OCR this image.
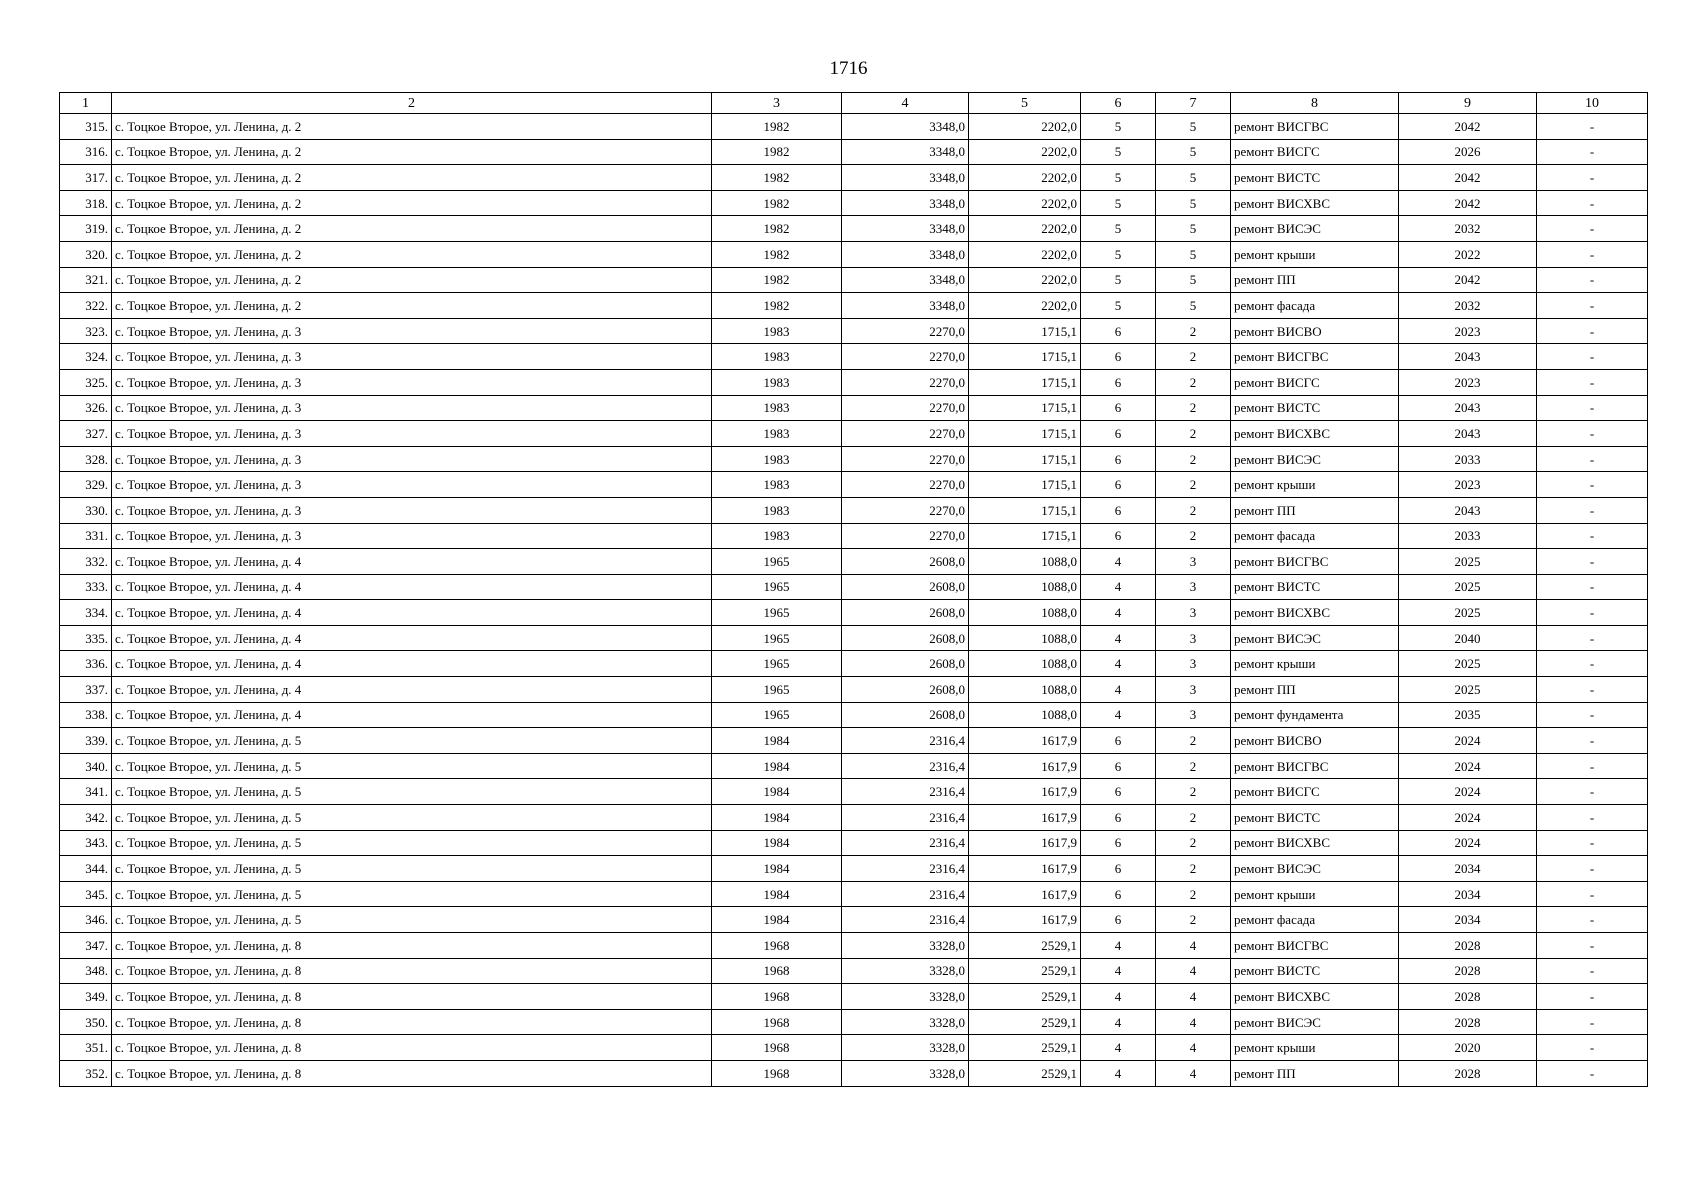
1716
1	2	3	4	5	6	7	8	9	10
315.	с. Тоцкое Второе, ул. Ленина, д. 2	1982	3348,0	2202,0	5	5	ремонт ВИСГВС	2042	-
316.	с. Тоцкое Второе, ул. Ленина, д. 2	1982	3348,0	2202,0	5	5	ремонт ВИСГС	2026	-
317.	с. Тоцкое Второе, ул. Ленина, д. 2	1982	3348,0	2202,0	5	5	ремонт ВИСТС	2042	-
318.	с. Тоцкое Второе, ул. Ленина, д. 2	1982	3348,0	2202,0	5	5	ремонт ВИСХВС	2042	-
319.	с. Тоцкое Второе, ул. Ленина, д. 2	1982	3348,0	2202,0	5	5	ремонт ВИСЭС	2032	-
320.	с. Тоцкое Второе, ул. Ленина, д. 2	1982	3348,0	2202,0	5	5	ремонт крыши	2022	-
321.	с. Тоцкое Второе, ул. Ленина, д. 2	1982	3348,0	2202,0	5	5	ремонт ПП	2042	-
322.	с. Тоцкое Второе, ул. Ленина, д. 2	1982	3348,0	2202,0	5	5	ремонт фасада	2032	-
323.	с. Тоцкое Второе, ул. Ленина, д. 3	1983	2270,0	1715,1	6	2	ремонт ВИСВО	2023	-
324.	с. Тоцкое Второе, ул. Ленина, д. 3	1983	2270,0	1715,1	6	2	ремонт ВИСГВС	2043	-
325.	с. Тоцкое Второе, ул. Ленина, д. 3	1983	2270,0	1715,1	6	2	ремонт ВИСГС	2023	-
326.	с. Тоцкое Второе, ул. Ленина, д. 3	1983	2270,0	1715,1	6	2	ремонт ВИСТС	2043	-
327.	с. Тоцкое Второе, ул. Ленина, д. 3	1983	2270,0	1715,1	6	2	ремонт ВИСХВС	2043	-
328.	с. Тоцкое Второе, ул. Ленина, д. 3	1983	2270,0	1715,1	6	2	ремонт ВИСЭС	2033	-
329.	с. Тоцкое Второе, ул. Ленина, д. 3	1983	2270,0	1715,1	6	2	ремонт крыши	2023	-
330.	с. Тоцкое Второе, ул. Ленина, д. 3	1983	2270,0	1715,1	6	2	ремонт ПП	2043	-
331.	с. Тоцкое Второе, ул. Ленина, д. 3	1983	2270,0	1715,1	6	2	ремонт фасада	2033	-
332.	с. Тоцкое Второе, ул. Ленина, д. 4	1965	2608,0	1088,0	4	3	ремонт ВИСГВС	2025	-
333.	с. Тоцкое Второе, ул. Ленина, д. 4	1965	2608,0	1088,0	4	3	ремонт ВИСТС	2025	-
334.	с. Тоцкое Второе, ул. Ленина, д. 4	1965	2608,0	1088,0	4	3	ремонт ВИСХВС	2025	-
335.	с. Тоцкое Второе, ул. Ленина, д. 4	1965	2608,0	1088,0	4	3	ремонт ВИСЭС	2040	-
336.	с. Тоцкое Второе, ул. Ленина, д. 4	1965	2608,0	1088,0	4	3	ремонт крыши	2025	-
337.	с. Тоцкое Второе, ул. Ленина, д. 4	1965	2608,0	1088,0	4	3	ремонт ПП	2025	-
338.	с. Тоцкое Второе, ул. Ленина, д. 4	1965	2608,0	1088,0	4	3	ремонт фундамента	2035	-
339.	с. Тоцкое Второе, ул. Ленина, д. 5	1984	2316,4	1617,9	6	2	ремонт ВИСВО	2024	-
340.	с. Тоцкое Второе, ул. Ленина, д. 5	1984	2316,4	1617,9	6	2	ремонт ВИСГВС	2024	-
341.	с. Тоцкое Второе, ул. Ленина, д. 5	1984	2316,4	1617,9	6	2	ремонт ВИСГС	2024	-
342.	с. Тоцкое Второе, ул. Ленина, д. 5	1984	2316,4	1617,9	6	2	ремонт ВИСТС	2024	-
343.	с. Тоцкое Второе, ул. Ленина, д. 5	1984	2316,4	1617,9	6	2	ремонт ВИСХВС	2024	-
344.	с. Тоцкое Второе, ул. Ленина, д. 5	1984	2316,4	1617,9	6	2	ремонт ВИСЭС	2034	-
345.	с. Тоцкое Второе, ул. Ленина, д. 5	1984	2316,4	1617,9	6	2	ремонт крыши	2034	-
346.	с. Тоцкое Второе, ул. Ленина, д. 5	1984	2316,4	1617,9	6	2	ремонт фасада	2034	-
347.	с. Тоцкое Второе, ул. Ленина, д. 8	1968	3328,0	2529,1	4	4	ремонт ВИСГВС	2028	-
348.	с. Тоцкое Второе, ул. Ленина, д. 8	1968	3328,0	2529,1	4	4	ремонт ВИСТС	2028	-
349.	с. Тоцкое Второе, ул. Ленина, д. 8	1968	3328,0	2529,1	4	4	ремонт ВИСХВС	2028	-
350.	с. Тоцкое Второе, ул. Ленина, д. 8	1968	3328,0	2529,1	4	4	ремонт ВИСЭС	2028	-
351.	с. Тоцкое Второе, ул. Ленина, д. 8	1968	3328,0	2529,1	4	4	ремонт крыши	2020	-
352.	с. Тоцкое Второе, ул. Ленина, д. 8	1968	3328,0	2529,1	4	4	ремонт ПП	2028	-
